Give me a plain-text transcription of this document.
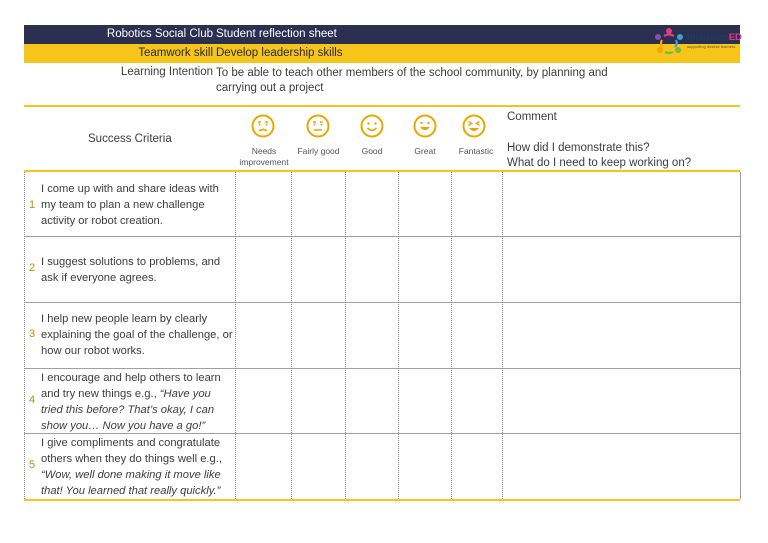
Robotics Social Club Student reflection sheet
Teamwork skill Develop leadership skills
Learning Intention To be able to teach other members of the school community, by planning and carrying out a project
inclusionED
supporting diverse learners
Success Criteria
Needs improvement
Fairly good	Good	Great	Fantastic
Comment
How did I demonstrate this?
What do I need to keep working on?
1
I come up with and share ideas with my team to plan a new challenge activity or robot creation.
2 I suggest solutions to problems, and ask if everyone agrees.
3
I help new people learn by clearly explaining the goal of the challenge, or how our robot works.
4
I encourage and help others to learn and try new things e.g., “Have you tried this before? That’s okay, I can show you… Now you have a go!”
5
I give compliments and congratulate others when they do things well e.g., “Wow, well done making it move like that! You learned that really quickly.”
